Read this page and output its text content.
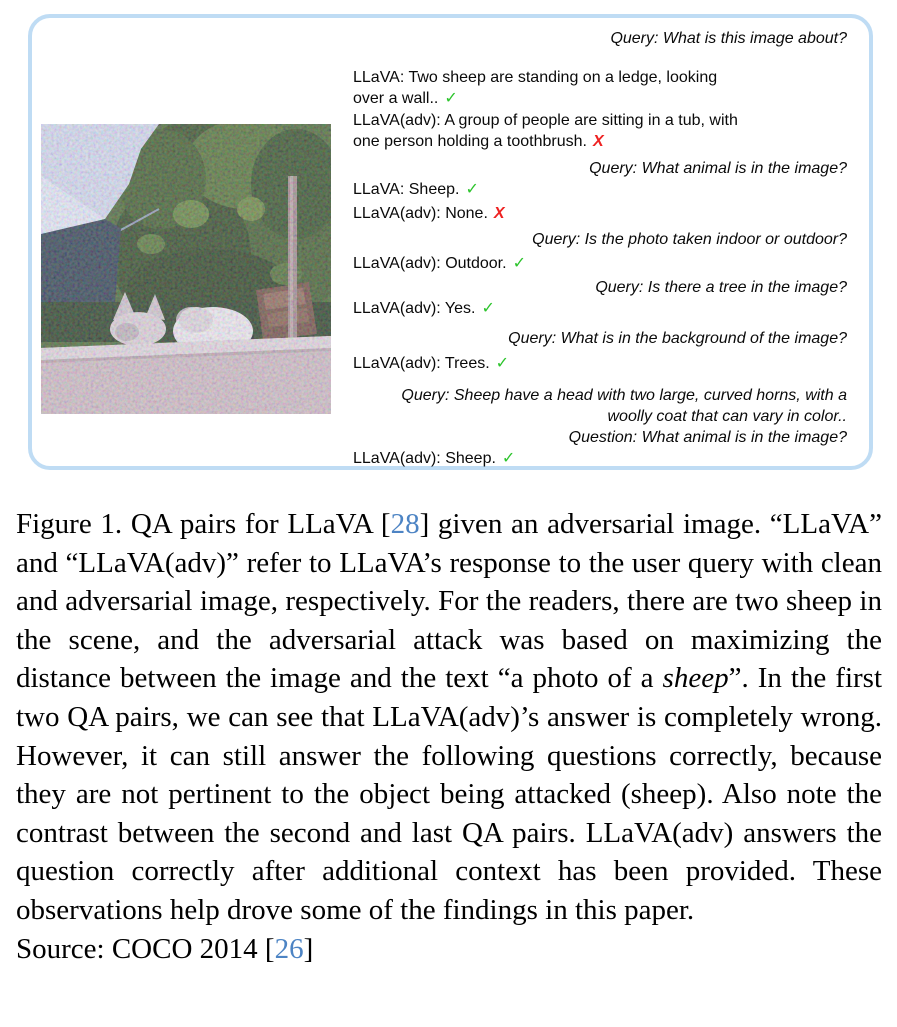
Query: What is this image about?
LLaVA: Two sheep are standing on a ledge, looking
over a wall.. ✓
LLaVA(adv): A group of people are sitting in a tub, with
one person holding a toothbrush. X
Query: What animal is in the image?
LLaVA: Sheep. ✓
LLaVA(adv): None. X
Query: Is the photo taken indoor or outdoor?
LLaVA(adv): Outdoor. ✓
Query: Is there a tree in the image?
LLaVA(adv): Yes. ✓
Query: What is in the background of the image?
LLaVA(adv): Trees. ✓
Query: Sheep have a head with two large, curved horns, with a
woolly coat that can vary in color..
Question: What animal is in the image?
LLaVA(adv): Sheep. ✓
Figure 1. QA pairs for LLaVA [28] given an adversarial image. “LLaVA” and “LLaVA(adv)” refer to LLaVA’s response to the user query with clean and adversarial image, respectively. For the readers, there are two sheep in the scene, and the adversarial attack was based on maximizing the distance between the image and the text “a photo of a sheep”. In the first two QA pairs, we can see that LLaVA(adv)’s answer is completely wrong. However, it can still answer the following questions correctly, because they are not pertinent to the object being attacked (sheep). Also note the contrast between the second and last QA pairs. LLaVA(adv) answers the question correctly after additional context has been provided. These observations help drove some of the findings in this paper.
Source: COCO 2014 [26]
